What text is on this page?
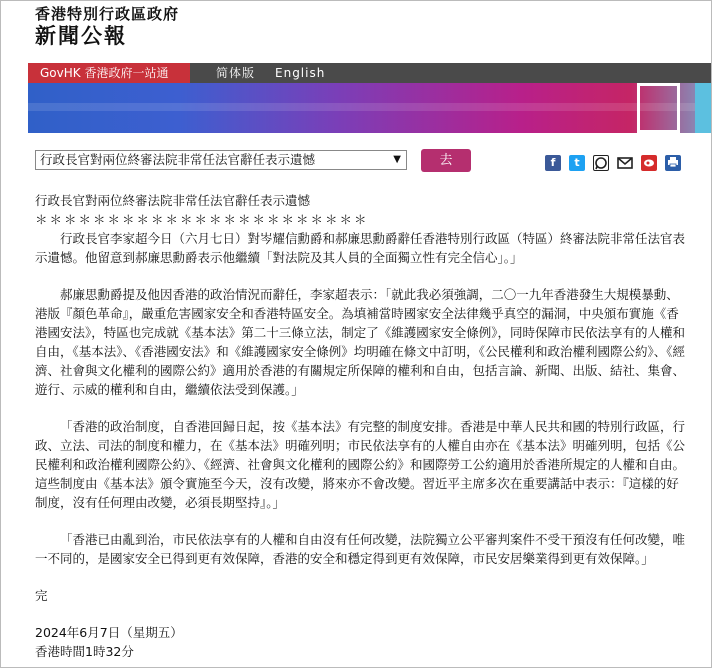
香港特別行政區政府
新聞公報
GovHK 香港政府一站通	简体版 English
行政長官對兩位終審法院非常任法官辭任表示遺憾	▼	去	f	t

行政長官對兩位終審法院非常任法官辭任表示遺憾

＊＊＊＊＊＊＊＊＊＊＊＊＊＊＊＊＊＊＊＊＊＊＊

行政長官李家超今日（六月七日）對岑耀信勳爵和郝廉思勳爵辭任香港特別行政區（特區）終審法院非常任法官表示遺憾。他留意到郝廉思勳爵表示他繼續「對法院及其人員的全面獨立性有完全信心」。」

郝廉思勳爵提及他因香港的政治情況而辭任，李家超表示：「就此我必須強調，二〇一九年香港發生大規模暴動、港版『顏色革命』，嚴重危害國家安全和香港特區安全。為填補當時國家安全法律幾乎真空的漏洞，中央頒布實施《香港國安法》，特區也完成就《基本法》第二十三條立法，制定了《維護國家安全條例》，同時保障市民依法享有的人權和自由，《基本法》、《香港國安法》和《維護國家安全條例》均明確在條文中訂明，《公民權利和政治權利國際公約》、《經濟、社會與文化權利的國際公約》適用於香港的有關規定所保障的權利和自由，包括言論、新聞、出版、結社、集會、遊行、示威的權利和自由，繼續依法受到保護。」

「香港的政治制度，自香港回歸日起，按《基本法》有完整的制度安排。香港是中華人民共和國的特別行政區，行政、立法、司法的制度和權力，在《基本法》明確列明；市民依法享有的人權自由亦在《基本法》明確列明，包括《公民權利和政治權利國際公約》、《經濟、社會與文化權利的國際公約》和國際勞工公約適用於香港所規定的人權和自由。這些制度由《基本法》頒令實施至今天，沒有改變，將來亦不會改變。習近平主席多次在重要講話中表示：『這樣的好制度，沒有任何理由改變，必須長期堅持』。」

「香港已由亂到治，市民依法享有的人權和自由沒有任何改變，法院獨立公平審判案件不受干預沒有任何改變，唯一不同的，是國家安全已得到更有效保障，香港的安全和穩定得到更有效保障，市民安居樂業得到更有效保障。」

完

2024年6月7日（星期五）

香港時間1時32分
